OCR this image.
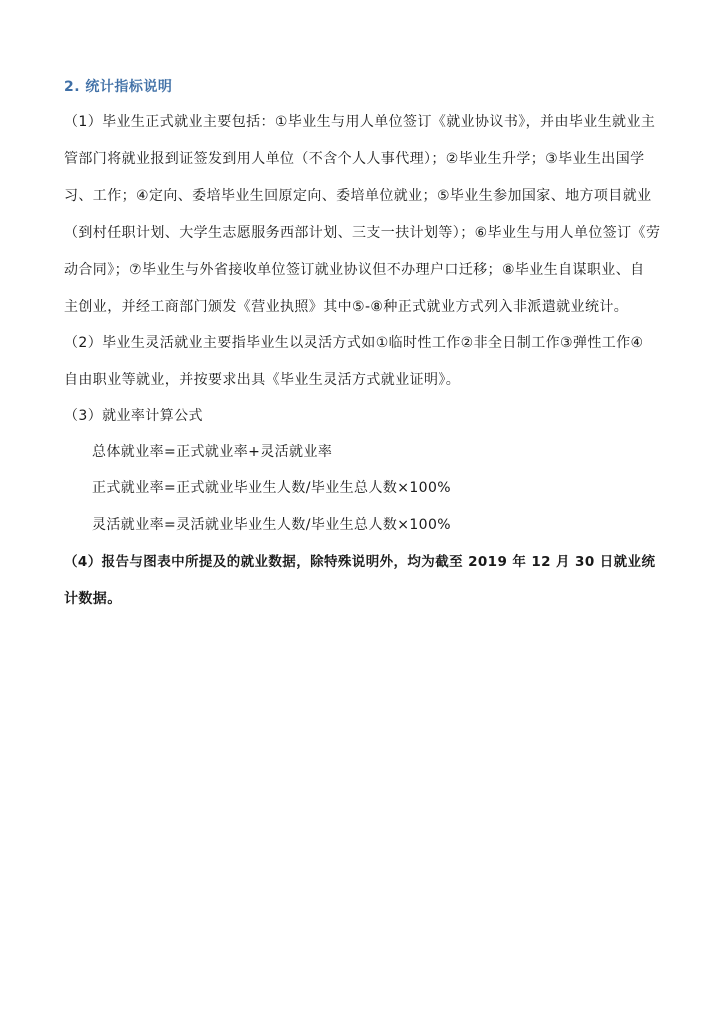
2. 统计指标说明
（1）毕业生正式就业主要包括：①毕业生与用人单位签订《就业协议书》，并由毕业生就业主
管部门将就业报到证签发到用人单位（不含个人人事代理）；②毕业生升学；③毕业生出国学
习、工作；④定向、委培毕业生回原定向、委培单位就业；⑤毕业生参加国家、地方项目就业
（到村任职计划、大学生志愿服务西部计划、三支一扶计划等）；⑥毕业生与用人单位签订《劳
动合同》；⑦毕业生与外省接收单位签订就业协议但不办理户口迁移；⑧毕业生自谋职业、自
主创业，并经工商部门颁发《营业执照》其中⑤-⑧种正式就业方式列入非派遣就业统计。
（2）毕业生灵活就业主要指毕业生以灵活方式如①临时性工作②非全日制工作③弹性工作④
自由职业等就业，并按要求出具《毕业生灵活方式就业证明》。
（3）就业率计算公式
总体就业率=正式就业率+灵活就业率
正式就业率=正式就业毕业生人数/毕业生总人数×100%
灵活就业率=灵活就业毕业生人数/毕业生总人数×100%
（4）报告与图表中所提及的就业数据，除特殊说明外，均为截至 2019 年 12 月 30 日就业统
计数据。
